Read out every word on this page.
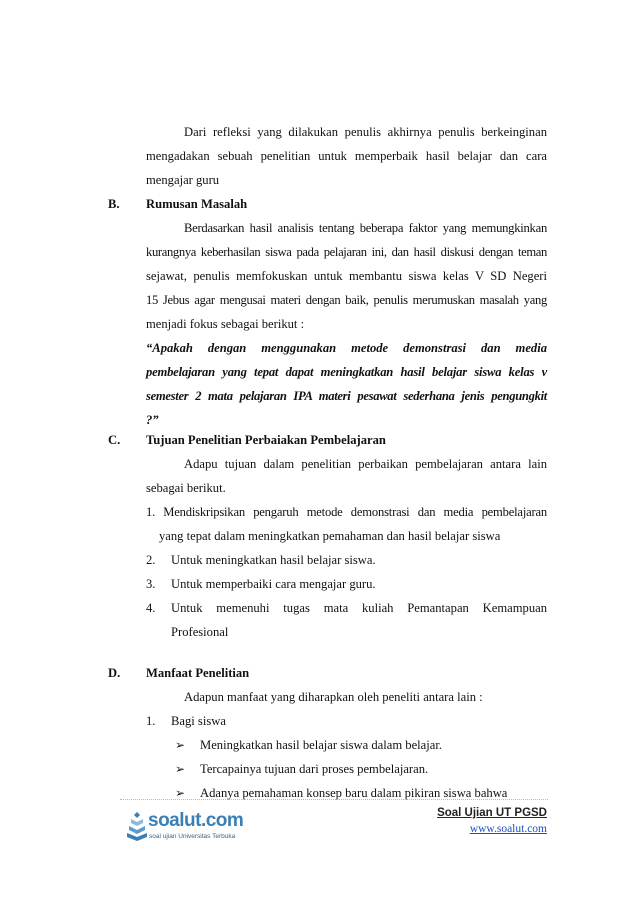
Dari refleksi yang dilakukan penulis akhirnya penulis berkeinginan
mengadakan sebuah penelitian untuk memperbaik hasil belajar dan cara
mengajar guru
B. Rumusan Masalah
Berdasarkan hasil analisis tentang beberapa faktor yang memungkinkan
kurangnya keberhasilan siswa pada pelajaran ini, dan hasil diskusi dengan teman
sejawat, penulis memfokuskan untuk membantu siswa kelas V SD Negeri
15 Jebus agar mengusai materi dengan baik, penulis merumuskan masalah yang
menjadi fokus sebagai berikut :
“Apakah dengan menggunakan metode demonstrasi dan media
pembelajaran yang tepat dapat meningkatkan hasil belajar siswa kelas v
semester 2 mata pelajaran IPA materi pesawat sederhana jenis pengungkit
?”
C. Tujuan Penelitian Perbaiakan Pembelajaran
Adapu tujuan dalam penelitian perbaikan pembelajaran antara lain
sebagai berikut.
1. Mendiskripsikan pengaruh metode demonstrasi dan media pembelajaran
yang tepat dalam meningkatkan pemahaman dan hasil belajar siswa
2. Untuk meningkatkan hasil belajar siswa.
3. Untuk memperbaiki cara mengajar guru.
4. Untuk memenuhi tugas mata kuliah Pemantapan Kemampuan
Profesional
D. Manfaat Penelitian
Adapun manfaat yang diharapkan oleh peneliti antara lain :
1. Bagi siswa
➢ Meningkatkan hasil belajar siswa dalam belajar.
➢ Tercapainya tujuan dari proses pembelajaran.
➢ Adanya pemahaman konsep baru dalam pikiran siswa bahwa
soalut.com
soal ujian Universitas Terbuka
Soal Ujian UT PGSD
www.soalut.com
